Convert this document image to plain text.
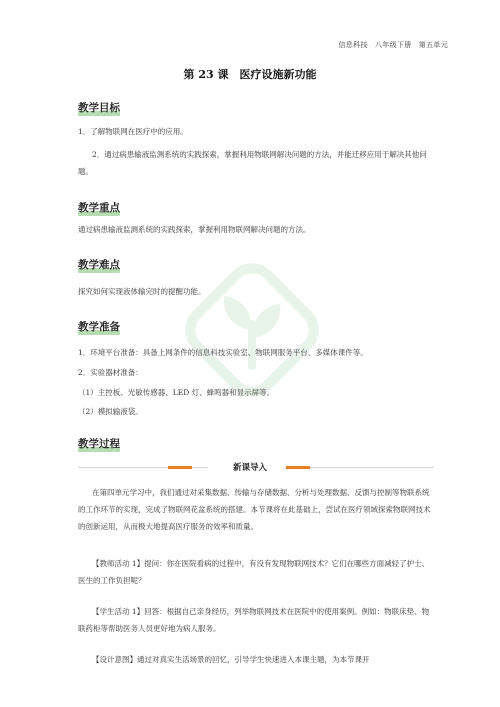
信息科技　八年级下册　第五单元
第 23 课　医疗设施新功能
教学目标
1．了解物联网在医疗中的应用。
2．通过病患输液监测系统的实践探索，掌握利用物联网解决问题的方法，并能迁移应用于解决其他问题。
教学重点
通过病患输液监测系统的实践探索，掌握利用物联网解决问题的方法。
教学难点
探究如何实现液体输完时的提醒功能。
教学准备
1．环境平台准备：具备上网条件的信息科技实验室、物联网服务平台、多媒体课件等。
2．实验器材准备：
（1）主控板、光敏传感器、LED 灯、蜂鸣器和显示屏等。
（2）模拟输液袋。
教学过程
新课导入
在第四单元学习中，我们通过对采集数据、传输与存储数据、分析与处理数据、反馈与控制等物联系统的工作环节的实现，完成了物联网花盆系统的搭建。本节课将在此基础上，尝试在医疗领域探索物联网技术的创新运用，从而极大地提高医疗服务的效率和质量。
【教师活动 1】提问：你在医院看病的过程中，有没有发现物联网技术？它们在哪些方面减轻了护士、医生的工作负担呢？
【学生活动 1】回答：根据自己亲身经历，列举物联网技术在医院中的使用案例。例如：物联床垫、物联药柜等帮助医务人员更好地为病人服务。
【设计意图】通过对真实生活场景的回忆，引导学生快速进入本课主题，为本节课开
